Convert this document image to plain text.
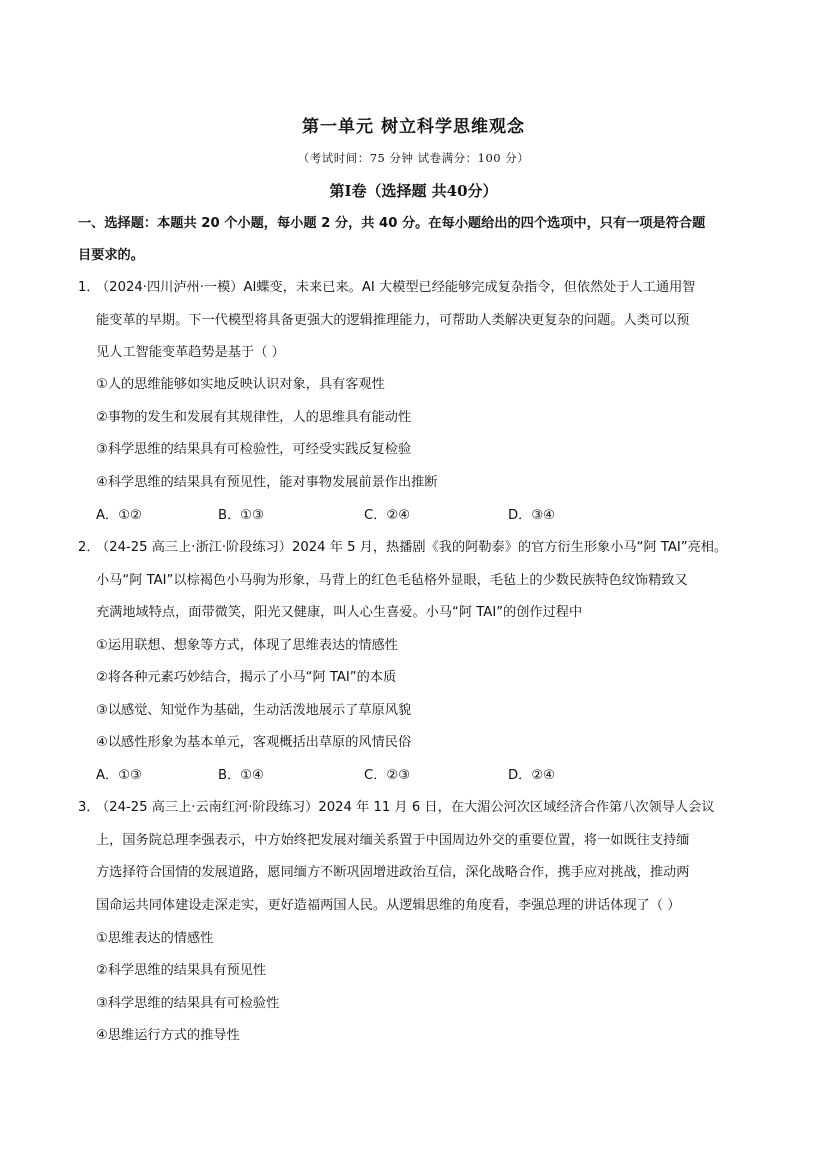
第一单元 树立科学思维观念
（考试时间：75 分钟 试卷满分：100 分）
第Ⅰ卷（选择题 共40分）
一、选择题：本题共 20 个小题，每小题 2 分，共 40 分。在每小题给出的四个选项中，只有一项是符合题
目要求的。
1．
（2024·四川泸州·一模）AI蝶变，未来已来。AI 大模型已经能够完成复杂指令，但依然处于人工通用智
能变革的早期。下一代模型将具备更强大的逻辑推理能力，可帮助人类解决更复杂的问题。人类可以预
见人工智能变革趋势是基于（ ）
①人的思维能够如实地反映认识对象，具有客观性
②事物的发生和发展有其规律性，人的思维具有能动性
③科学思维的结果具有可检验性，可经受实践反复检验
④科学思维的结果具有预见性，能对事物发展前景作出推断
A．①②	B．①③	C．②④	D．③④
2．
（24-25 高三上·浙江·阶段练习）2024 年 5 月，热播剧《我的阿勒泰》的官方衍生形象小马“阿 TAI”亮相。
小马“阿 TAI”以棕褐色小马驹为形象，马背上的红色毛毡格外显眼，毛毡上的少数民族特色纹饰精致又
充满地域特点，面带微笑，阳光又健康，叫人心生喜爱。小马“阿 TAI”的创作过程中
①运用联想、想象等方式，体现了思维表达的情感性
②将各种元素巧妙结合，揭示了小马“阿 TAI”的本质
③以感觉、知觉作为基础，生动活泼地展示了草原风貌
④以感性形象为基本单元，客观概括出草原的风情民俗
A．①③	B．①④	C．②③	D．②④
3．
（24-25 高三上·云南红河·阶段练习）2024 年 11 月 6 日，在大湄公河次区域经济合作第八次领导人会议
上，国务院总理李强表示，中方始终把发展对缅关系置于中国周边外交的重要位置，将一如既往支持缅
方选择符合国情的发展道路，愿同缅方不断巩固增进政治互信，深化战略合作，携手应对挑战，推动两
国命运共同体建设走深走实，更好造福两国人民。从逻辑思维的角度看，李强总理的讲话体现了（ ）
①思维表达的情感性
②科学思维的结果具有预见性
③科学思维的结果具有可检验性
④思维运行方式的推导性
